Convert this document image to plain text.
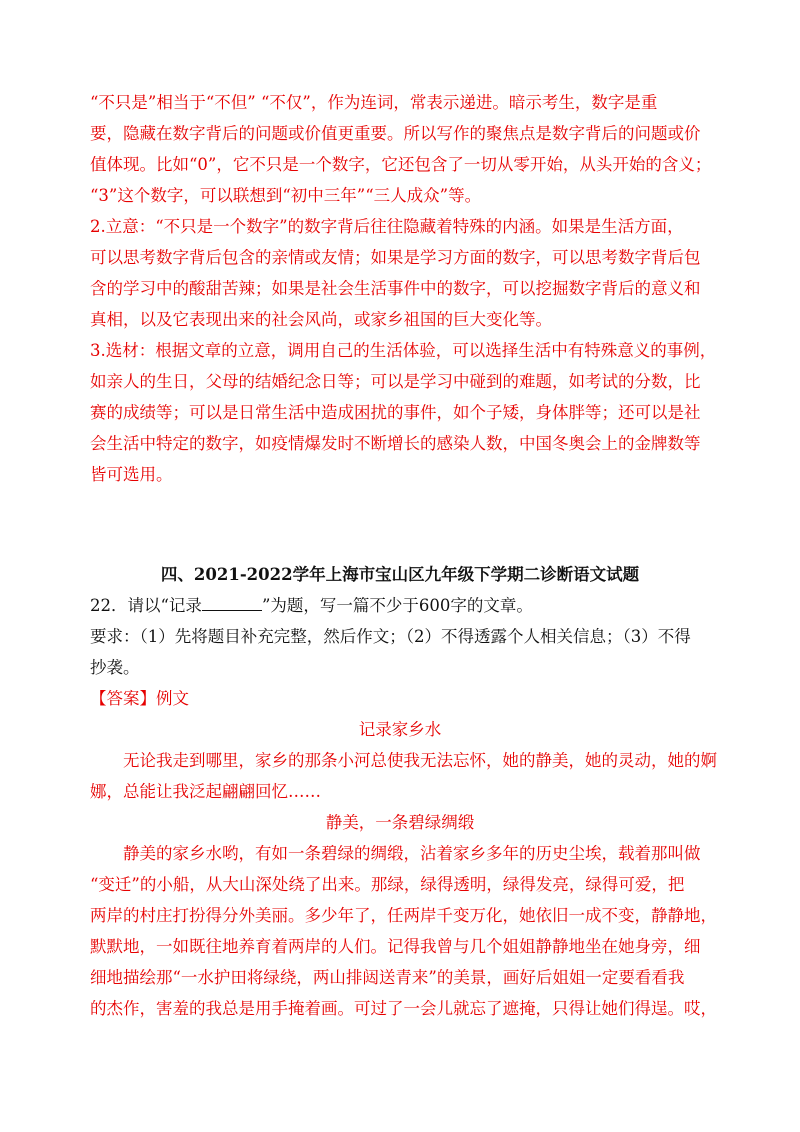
“不只是”相当于“不但” “不仅”，作为连词，常表示递进。暗示考生，数字是重
要，隐藏在数字背后的问题或价值更重要。所以写作的聚焦点是数字背后的问题或价
值体现。比如“0”，它不只是一个数字，它还包含了一切从零开始，从头开始的含义；
“3”这个数字，可以联想到“初中三年”“三人成众”等。
2.立意：“不只是一个数字”的数字背后往往隐藏着特殊的内涵。如果是生活方面，
可以思考数字背后包含的亲情或友情；如果是学习方面的数字，可以思考数字背后包
含的学习中的酸甜苦辣；如果是社会生活事件中的数字，可以挖掘数字背后的意义和
真相，以及它表现出来的社会风尚，或家乡祖国的巨大变化等。
3.选材：根据文章的立意，调用自己的生活体验，可以选择生活中有特殊意义的事例，
如亲人的生日，父母的结婚纪念日等；可以是学习中碰到的难题，如考试的分数，比
赛的成绩等；可以是日常生活中造成困扰的事件，如个子矮，身体胖等；还可以是社
会生活中特定的数字，如疫情爆发时不断增长的感染人数，中国冬奥会上的金牌数等
皆可选用。
四、2021-2022学年上海市宝山区九年级下学期二诊断语文试题
22．请以“记录	”为题，写一篇不少于600字的文章。
要求：（1）先将题目补充完整，然后作文；（2）不得透露个人相关信息；（3）不得
抄袭。
【答案】例文
记录家乡水
无论我走到哪里，家乡的那条小河总使我无法忘怀，她的静美，她的灵动，她的婀
娜，总能让我泛起翩翩回忆……
静美，一条碧绿绸缎
静美的家乡水哟，有如一条碧绿的绸缎，沾着家乡多年的历史尘埃，载着那叫做
“变迁”的小船，从大山深处绕了出来。那绿，绿得透明，绿得发亮，绿得可爱，把
两岸的村庄打扮得分外美丽。多少年了，任两岸千变万化，她依旧一成不变，静静地，
默默地，一如既往地养育着两岸的人们。记得我曾与几个姐姐静静地坐在她身旁，细
细地描绘那“一水护田将绿绕，两山排闼送青来”的美景，画好后姐姐一定要看看我
的杰作，害羞的我总是用手掩着画。可过了一会儿就忘了遮掩，只得让她们得逞。哎，
